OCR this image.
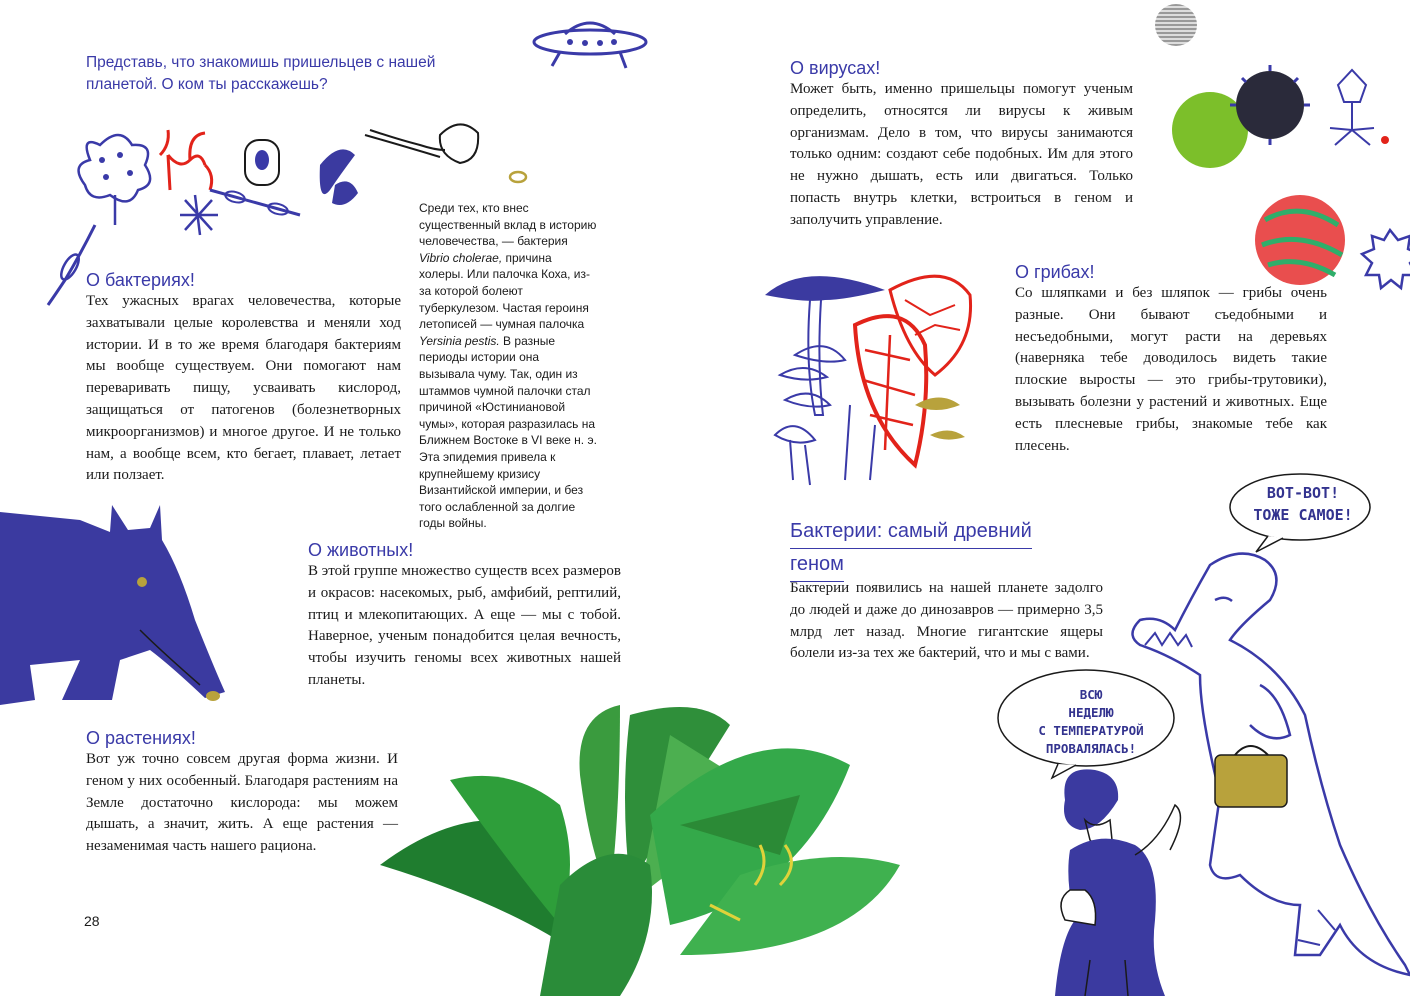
Представь, что знакомишь пришельцев с нашей планетой. О ком ты расскажешь?
О бактериях!

Тех ужасных врагах человечества, которые захватывали целые королевства и меняли ход истории. И в то же время благодаря бактериям мы вообще существуем. Они помогают нам переваривать пищу, усваивать кислород, защищаться от патогенов (болезнетворных микроорганизмов) и многое другое. И не только нам, а вообще всем, кто бегает, плавает, летает или ползает.

Среди тех, кто внес существенный вклад в историю человечества, — бактерия Vibrio cholerae, причина холеры. Или палочка Коха, из-за которой болеют туберкулезом. Частая героиня летописей — чумная палочка Yersinia pestis. В разные периоды истории она вызывала чуму. Так, один из штаммов чумной палочки стал причиной «Юстиниановой чумы», которая разразилась на Ближнем Востоке в VI веке н. э. Эта эпидемия привела к крупнейшему кризису Византийской империи, и без того ослабленной за долгие годы войны.

О животных!

В этой группе множество существ всех размеров и окрасов: насекомых, рыб, амфибий, рептилий, птиц и млекопитающих. А еще — мы с тобой. Наверное, ученым понадобится целая вечность, чтобы изучить геномы всех животных нашей планеты.

О растениях!

Вот уж точно совсем другая форма жизни. И геном у них особенный. Благодаря растениям на Земле достаточно кислорода: мы можем дышать, а значит, жить. А еще растения — незаменимая часть нашего рациона.

28
О вирусах!

Может быть, именно пришельцы помогут ученым определить, относятся ли вирусы к живым организмам. Дело в том, что вирусы занимаются только одним: создают себе подобных. Им для этого не нужно дышать, есть или двигаться. Только попасть внутрь клетки, встроиться в геном и заполучить управление.

О грибах!

Со шляпками и без шляпок — грибы очень разные. Они бывают съедобными и несъедобными, могут расти на деревьях (наверняка тебе доводилось видеть такие плоские выросты — это грибы-трутовики), вызывать болезни у растений и животных. Еще есть плесневые грибы, знакомые тебе как плесень.

Бактерии: самый древний
геном

Бактерии появились на нашей планете задолго до людей и даже до динозавров — примерно 3,5 млрд лет назад. Многие гигантские ящеры болели из-за тех же бактерий, что и мы с вами.

ВОТ-ВОТ!
ТОЖЕ САМОЕ!
ВСЮ
НЕДЕЛЮ
С ТЕМПЕРАТУРОЙ
ПРОВАЛЯЛАСЬ!
